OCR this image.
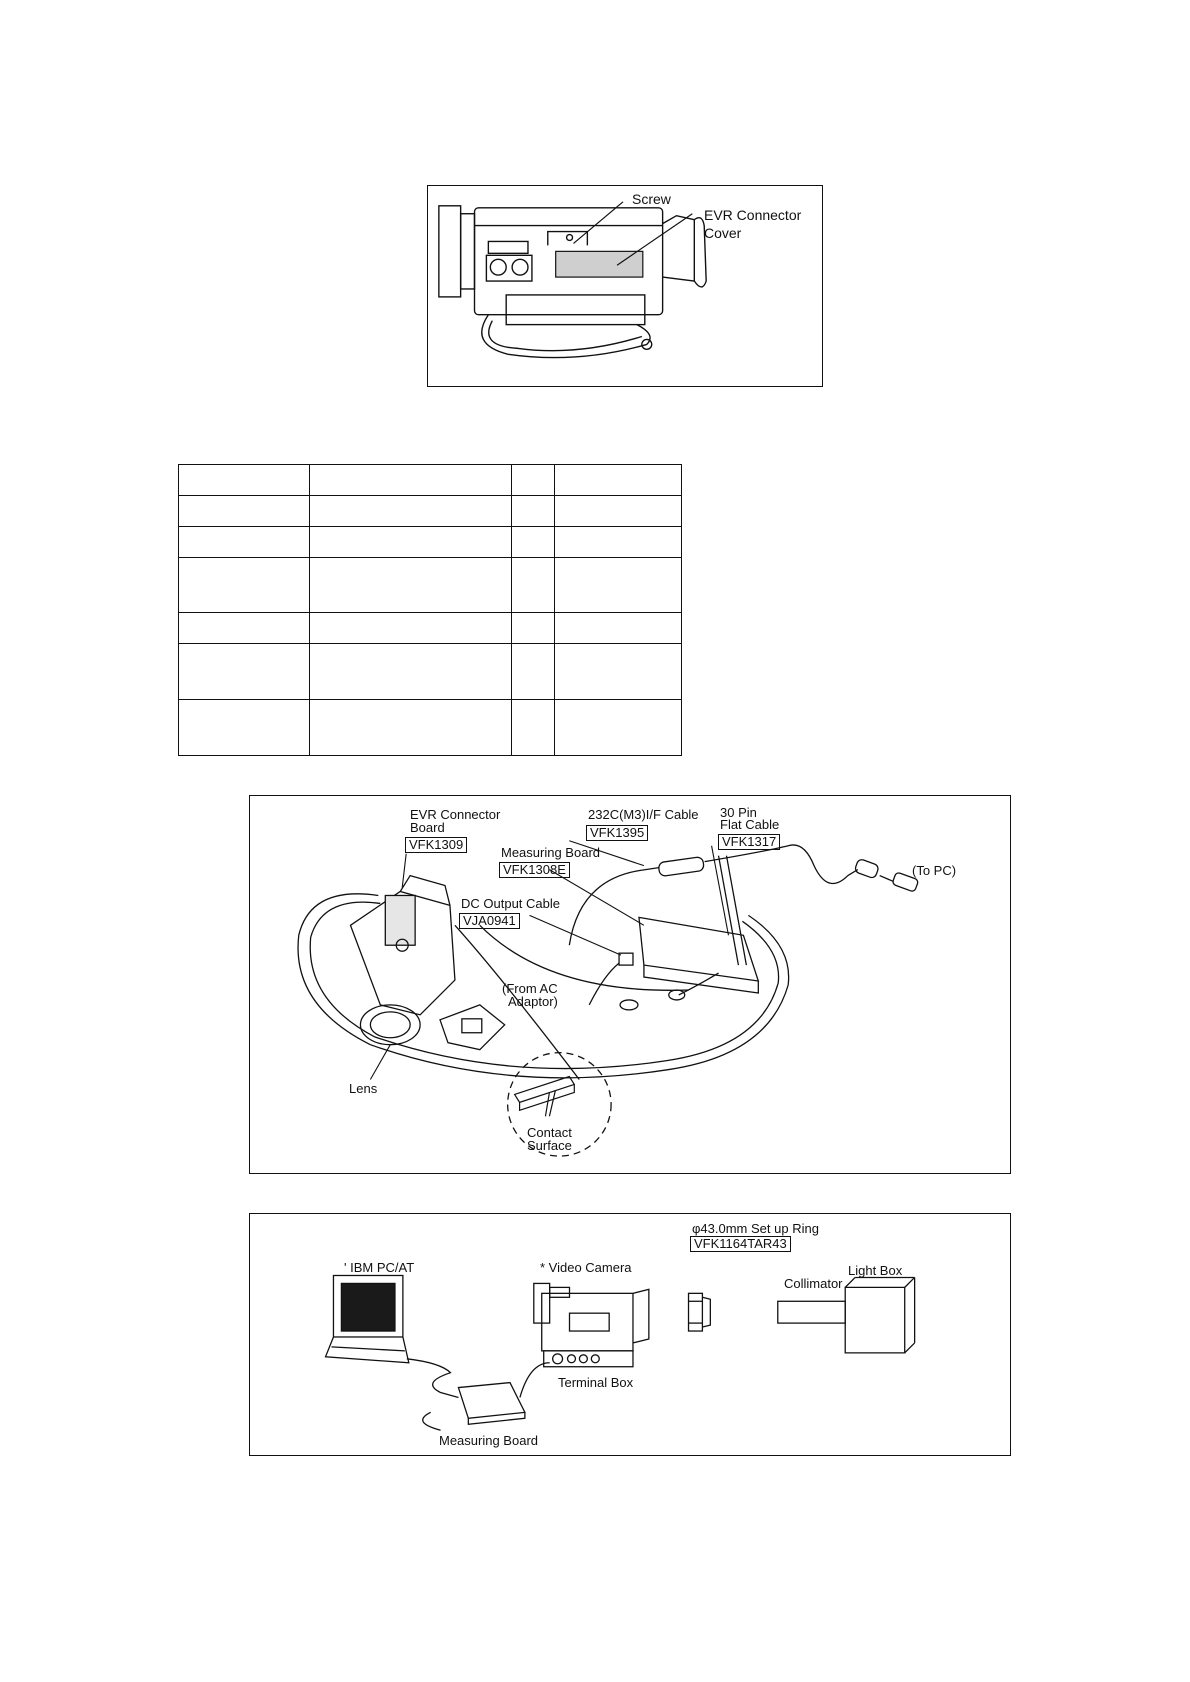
Screw
EVR Connector
Cover

EVR Connector
Board
VFK1309
232C(M3)I/F Cable
VFK1395
30 Pin
Flat Cable
VFK1317
Measuring Board
VFK1308E	(To PC)
DC Output Cable
VJA0941
(From AC
Adaptor)
Lens
Contact
Surface
φ43.0mm Set up Ring
VFK1164TAR43
' IBM PC/AT	* Video Camera	Light Box
Collimator
Terminal Box
Measuring Board
